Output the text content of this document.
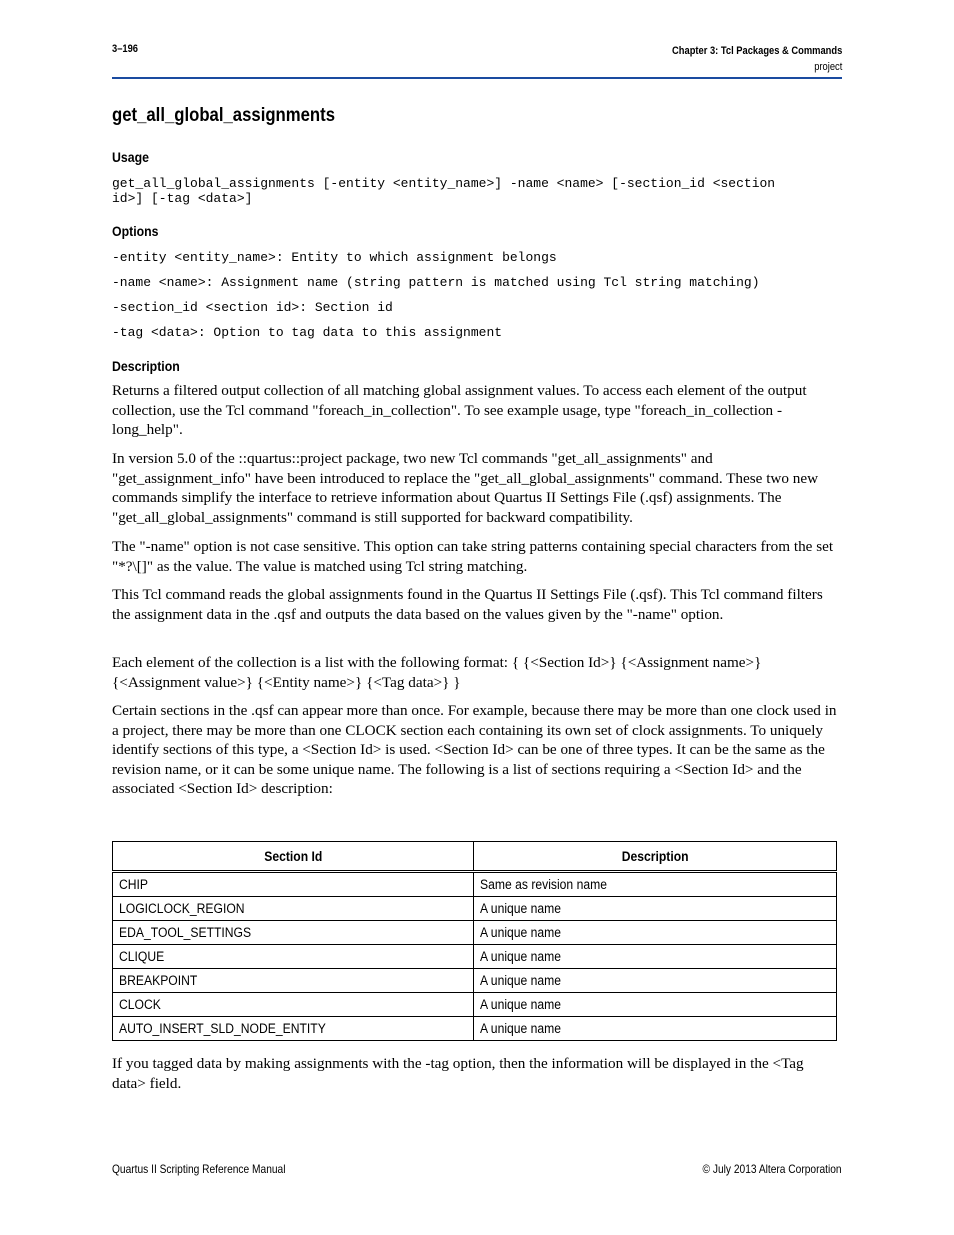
3–196	Chapter 3: Tcl Packages & Commands
project
get_all_global_assignments
Usage
get_all_global_assignments [-entity <entity_name>] -name <name> [-section_id <section
id>] [-tag <data>]
Options
-entity <entity_name>: Entity to which assignment belongs
-name <name>: Assignment name (string pattern is matched using Tcl string matching)
-section_id <section id>: Section id
-tag <data>: Option to tag data to this assignment
Description
Returns a filtered output collection of all matching global assignment values. To access each element of the output collection, use the Tcl command "foreach_in_collection". To see example usage, type "foreach_in_collection -long_help".
In version 5.0 of the ::quartus::project package, two new Tcl commands "get_all_assignments" and "get_assignment_info" have been introduced to replace the "get_all_global_assignments" command. These two new commands simplify the interface to retrieve information about Quartus II Settings File (.qsf) assignments. The "get_all_global_assignments" command is still supported for backward compatibility.
The "-name" option is not case sensitive. This option can take string patterns containing special characters from the set "*?\[]" as the value. The value is matched using Tcl string matching.
This Tcl command reads the global assignments found in the Quartus II Settings File (.qsf). This Tcl command filters the assignment data in the .qsf and outputs the data based on the values given by the "-name" option.
Each element of the collection is a list with the following format: { {<Section Id>} {<Assignment name>} {<Assignment value>} {<Entity name>} {<Tag data>} }
Certain sections in the .qsf can appear more than once. For example, because there may be more than one clock used in a project, there may be more than one CLOCK section each containing its own set of clock assignments. To uniquely identify sections of this type, a <Section Id> is used. <Section Id> can be one of three types. It can be the same as the revision name, or it can be some unique name. The following is a list of sections requiring a <Section Id> and the associated <Section Id> description:
Section Id	Description
CHIP	Same as revision name
LOGICLOCK_REGION	A unique name
EDA_TOOL_SETTINGS	A unique name
CLIQUE	A unique name
BREAKPOINT	A unique name
CLOCK	A unique name
AUTO_INSERT_SLD_NODE_ENTITY	A unique name
If you tagged data by making assignments with the -tag option, then the information will be displayed in the <Tag data> field.
Quartus II Scripting Reference Manual	© July 2013 Altera Corporation
